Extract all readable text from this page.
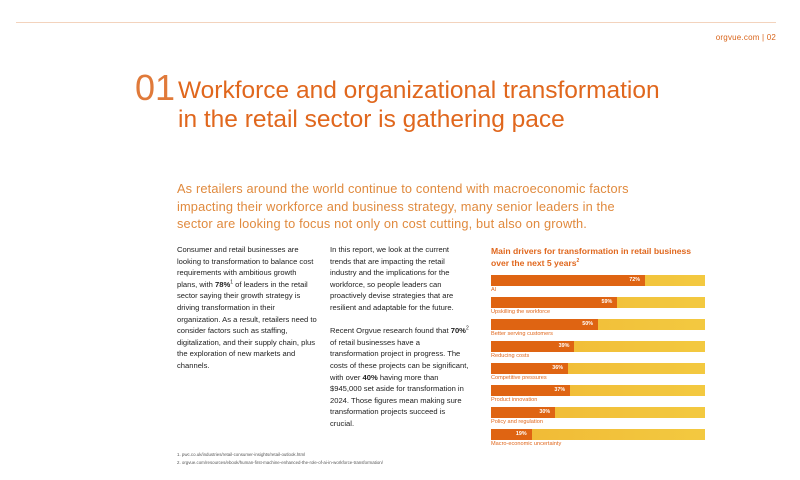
orgvue.com | 02
01 Workforce and organizational transformation in the retail sector is gathering pace

As retailers around the world continue to contend with macroeconomic factors impacting their workforce and business strategy, many senior leaders in the sector are looking to focus not only on cost cutting, but also on growth.

Consumer and retail businesses are looking to transformation to balance cost requirements with ambitious growth plans, with 78%$^1$ of leaders in the retail sector saying their growth strategy is driving transformation in their organization. As a result, retailers need to consider factors such as staffing, digitalization, and their supply chain, plus the exploration of new markets and channels.

In this report, we look at the current trends that are impacting the retail industry and the implications for the workforce, so people leaders can proactively devise strategies that are resilient and adaptable for the future.

Recent Orgvue research found that 70%$^2$ of retail businesses have a transformation project in progress. The costs of these projects can be significant, with over 40% having more than $945,000 set aside for transformation in 2024. Those figures mean making sure transformation projects succeed is crucial.

Main drivers for transformation in retail business over the next 5 years$^2$
72%
AI
59%
Upskilling the workforce
50%
Better serving customers
39%
Reducing costs
36%
Competitive pressures
37%
Product innovation
30%
Policy and regulation
19%
Macro-economic uncertainty
1. pwc.co.uk/industries/retail-consumer-insights/retail-outlook.html
2. orgvue.com/resources/ebook/human-first-machine-enhanced-the-role-of-ai-in-workforce-transformation/
